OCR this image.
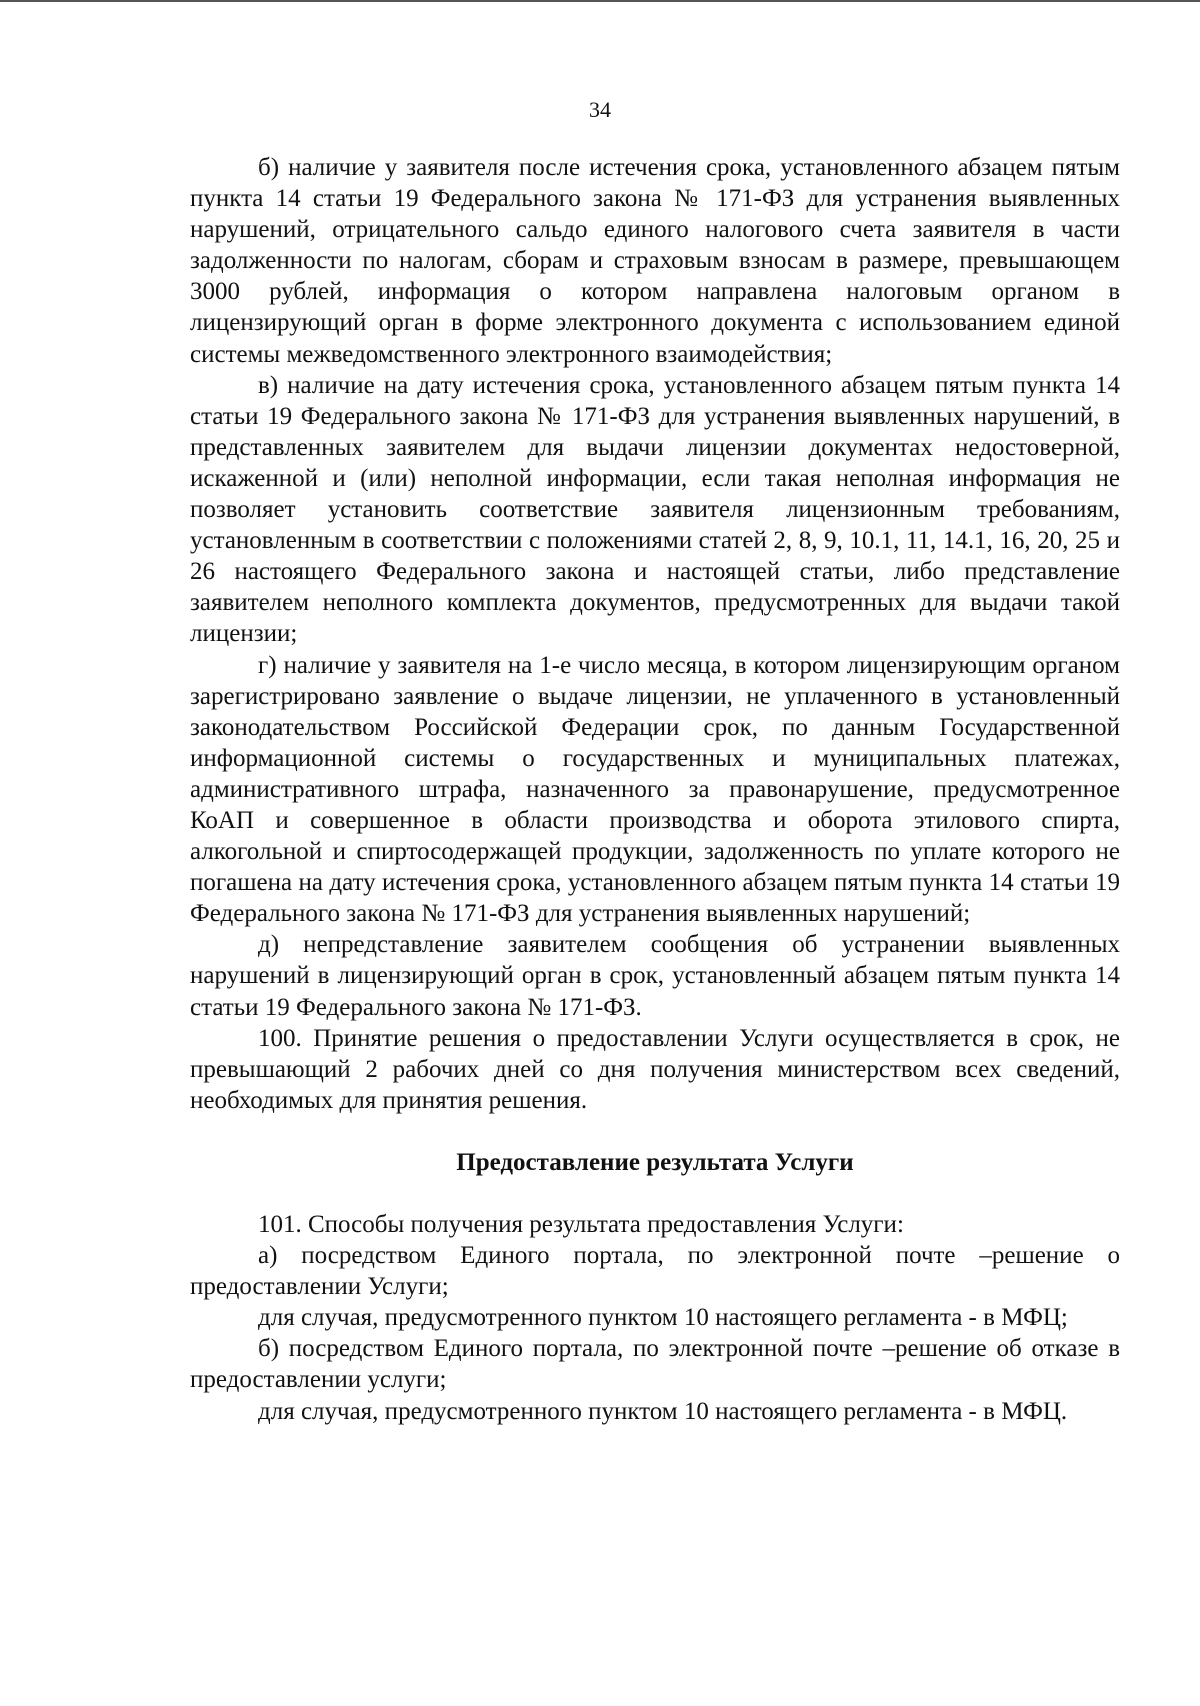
34

б) наличие у заявителя после истечения срока, установленного абзацем пятым пункта 14 статьи 19 Федерального закона № 171-ФЗ для устранения выявленных нарушений, отрицательного сальдо единого налогового счета заявителя в части задолженности по налогам, сборам и страховым взносам в размере, превышающем 3000 рублей, информация о котором направлена налоговым органом в лицензирующий орган в форме электронного документа с использованием единой системы межведомственного электронного взаимодействия;

в) наличие на дату истечения срока, установленного абзацем пятым пункта 14 статьи 19 Федерального закона № 171-ФЗ для устранения выявленных нарушений, в представленных заявителем для выдачи лицензии документах недостоверной, искаженной и (или) неполной информации, если такая неполная информация не позволяет установить соответствие заявителя лицензионным требованиям, установленным в соответствии с положениями статей 2, 8, 9, 10.1, 11, 14.1, 16, 20, 25 и 26 настоящего Федерального закона и настоящей статьи, либо представление заявителем неполного комплекта документов, предусмотренных для выдачи такой лицензии;

г) наличие у заявителя на 1-е число месяца, в котором лицензирующим органом зарегистрировано заявление о выдаче лицензии, не уплаченного в установленный законодательством Российской Федерации срок, по данным Государственной информационной системы о государственных и муниципальных платежах, административного штрафа, назначенного за правонарушение, предусмотренное КоАП и совершенное в области производства и оборота этилового спирта, алкогольной и спиртосодержащей продукции, задолженность по уплате которого не погашена на дату истечения срока, установленного абзацем пятым пункта 14 статьи 19 Федерального закона № 171-ФЗ для устранения выявленных нарушений;

д) непредставление заявителем сообщения об устранении выявленных нарушений в лицензирующий орган в срок, установленный абзацем пятым пункта 14 статьи 19 Федерального закона № 171-ФЗ.

100. Принятие решения о предоставлении Услуги осуществляется в срок, не превышающий 2 рабочих дней со дня получения министерством всех сведений, необходимых для принятия решения.

Предоставление результата Услуги

101. Способы получения результата предоставления Услуги:

а) посредством Единого портала, по электронной почте –решение о предоставлении Услуги;

для случая, предусмотренного пунктом 10 настоящего регламента - в МФЦ;

б) посредством Единого портала, по электронной почте –решение об отказе в предоставлении услуги;

для случая, предусмотренного пунктом 10 настоящего регламента - в МФЦ.
